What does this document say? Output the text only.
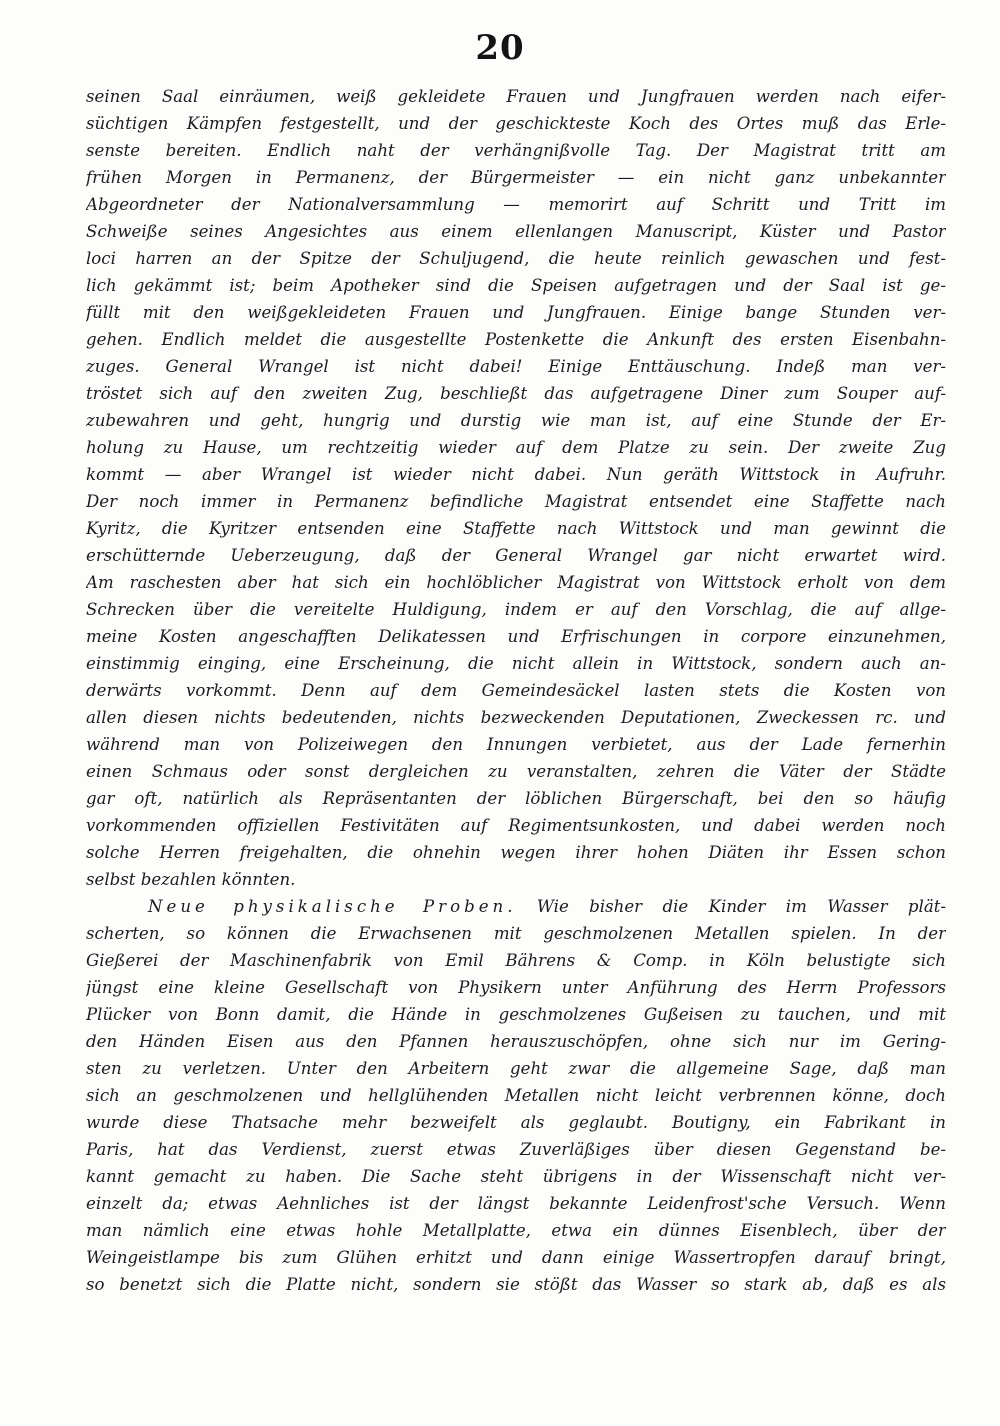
20
seinen Saal einräumen, weiß gekleidete Frauen und Jungfrauen werden nach eifer-
süchtigen Kämpfen festgestellt, und der geschickteste Koch des Ortes muß das Erle-
senste bereiten. Endlich naht der verhängnißvolle Tag. Der Magistrat tritt am
frühen Morgen in Permanenz, der Bürgermeister — ein nicht ganz unbekannter
Abgeordneter der Nationalversammlung — memorirt auf Schritt und Tritt im
Schweiße seines Angesichtes aus einem ellenlangen Manuscript, Küster und Pastor
loci harren an der Spitze der Schuljugend, die heute reinlich gewaschen und fest-
lich gekämmt ist; beim Apotheker sind die Speisen aufgetragen und der Saal ist ge-
füllt mit den weißgekleideten Frauen und Jungfrauen. Einige bange Stunden ver-
gehen. Endlich meldet die ausgestellte Postenkette die Ankunft des ersten Eisenbahn-
zuges. General Wrangel ist nicht dabei! Einige Enttäuschung. Indeß man ver-
tröstet sich auf den zweiten Zug, beschließt das aufgetragene Diner zum Souper auf-
zubewahren und geht, hungrig und durstig wie man ist, auf eine Stunde der Er-
holung zu Hause, um rechtzeitig wieder auf dem Platze zu sein. Der zweite Zug
kommt — aber Wrangel ist wieder nicht dabei. Nun geräth Wittstock in Aufruhr.
Der noch immer in Permanenz befindliche Magistrat entsendet eine Staffette nach
Kyritz, die Kyritzer entsenden eine Staffette nach Wittstock und man gewinnt die
erschütternde Ueberzeugung, daß der General Wrangel gar nicht erwartet wird.
Am raschesten aber hat sich ein hochlöblicher Magistrat von Wittstock erholt von dem
Schrecken über die vereitelte Huldigung, indem er auf den Vorschlag, die auf allge-
meine Kosten angeschafften Delikatessen und Erfrischungen in corpore einzunehmen,
einstimmig einging, eine Erscheinung, die nicht allein in Wittstock, sondern auch an-
derwärts vorkommt. Denn auf dem Gemeindesäckel lasten stets die Kosten von
allen diesen nichts bedeutenden, nichts bezweckenden Deputationen, Zweckessen rc. und
während man von Polizeiwegen den Innungen verbietet, aus der Lade fernerhin
einen Schmaus oder sonst dergleichen zu veranstalten, zehren die Väter der Städte
gar oft, natürlich als Repräsentanten der löblichen Bürgerschaft, bei den so häufig
vorkommenden offiziellen Festivitäten auf Regimentsunkosten, und dabei werden noch
solche Herren freigehalten, die ohnehin wegen ihrer hohen Diäten ihr Essen schon
selbst bezahlen könnten.
Neue physikalische Proben. Wie bisher die Kinder im Wasser plät-
scherten, so können die Erwachsenen mit geschmolzenen Metallen spielen. In der
Gießerei der Maschinenfabrik von Emil Bährens & Comp. in Köln belustigte sich
jüngst eine kleine Gesellschaft von Physikern unter Anführung des Herrn Professors
Plücker von Bonn damit, die Hände in geschmolzenes Gußeisen zu tauchen, und mit
den Händen Eisen aus den Pfannen herauszuschöpfen, ohne sich nur im Gering-
sten zu verletzen. Unter den Arbeitern geht zwar die allgemeine Sage, daß man
sich an geschmolzenen und hellglühenden Metallen nicht leicht verbrennen könne, doch
wurde diese Thatsache mehr bezweifelt als geglaubt. Boutigny, ein Fabrikant in
Paris, hat das Verdienst, zuerst etwas Zuverläßiges über diesen Gegenstand be-
kannt gemacht zu haben. Die Sache steht übrigens in der Wissenschaft nicht ver-
einzelt da; etwas Aehnliches ist der längst bekannte Leidenfrost'sche Versuch. Wenn
man nämlich eine etwas hohle Metallplatte, etwa ein dünnes Eisenblech, über der
Weingeistlampe bis zum Glühen erhitzt und dann einige Wassertropfen darauf bringt,
so benetzt sich die Platte nicht, sondern sie stößt das Wasser so stark ab, daß es als
